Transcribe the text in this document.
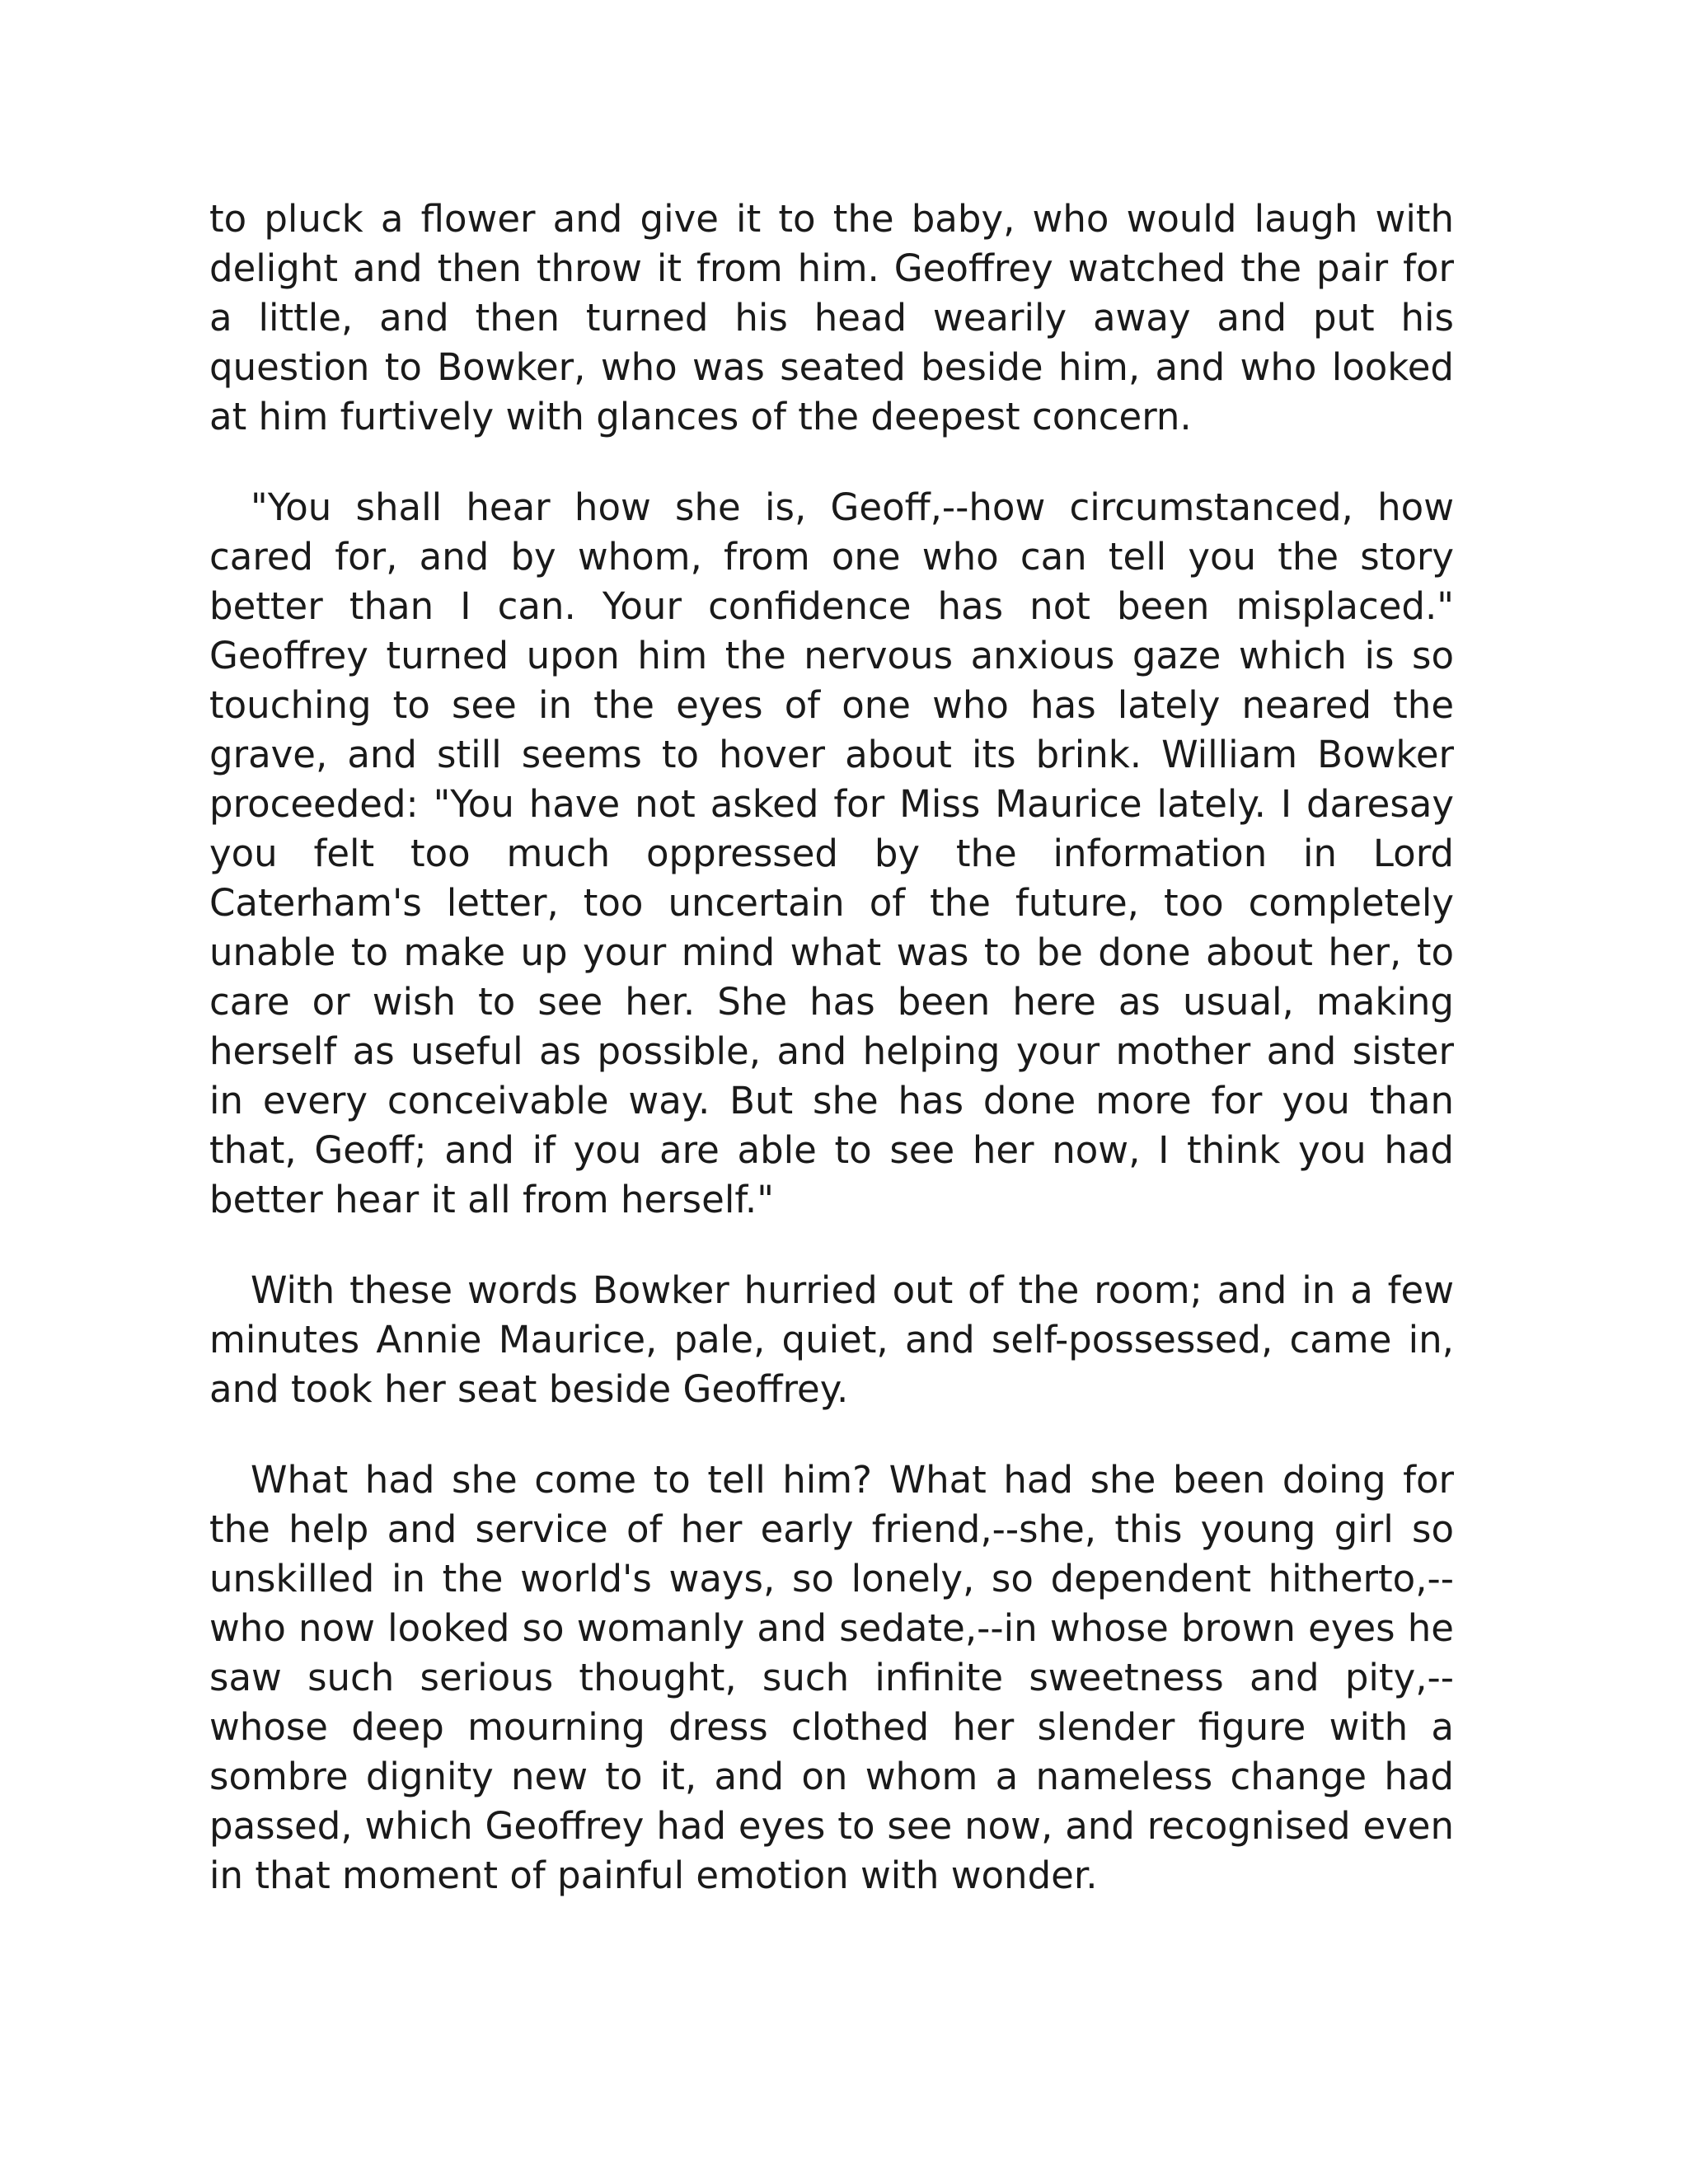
to pluck a flower and give it to the baby, who would laugh with delight and then throw it from him. Geoffrey watched the pair for a little, and then turned his head wearily away and put his question to Bowker, who was seated beside him, and who looked at him furtively with glances of the deepest concern.

"You shall hear how she is, Geoff,--how circumstanced, how cared for, and by whom, from one who can tell you the story better than I can. Your confidence has not been misplaced." Geoffrey turned upon him the nervous anxious gaze which is so touching to see in the eyes of one who has lately neared the grave, and still seems to hover about its brink. William Bowker proceeded: "You have not asked for Miss Maurice lately. I daresay you felt too much oppressed by the information in Lord Caterham's letter, too uncertain of the future, too completely unable to make up your mind what was to be done about her, to care or wish to see her. She has been here as usual, making herself as useful as possible, and helping your mother and sister in every conceivable way. But she has done more for you than that, Geoff; and if you are able to see her now, I think you had better hear it all from herself."

With these words Bowker hurried out of the room; and in a few minutes Annie Maurice, pale, quiet, and self-possessed, came in, and took her seat beside Geoffrey.

What had she come to tell him? What had she been doing for the help and service of her early friend,--she, this young girl so unskilled in the world's ways, so lonely, so dependent hitherto,--who now looked so womanly and sedate,--in whose brown eyes he saw such serious thought, such infinite sweetness and pity,--whose deep mourning dress clothed her slender figure with a sombre dignity new to it, and on whom a nameless change had passed, which Geoffrey had eyes to see now, and recognised even in that moment of painful emotion with wonder.
